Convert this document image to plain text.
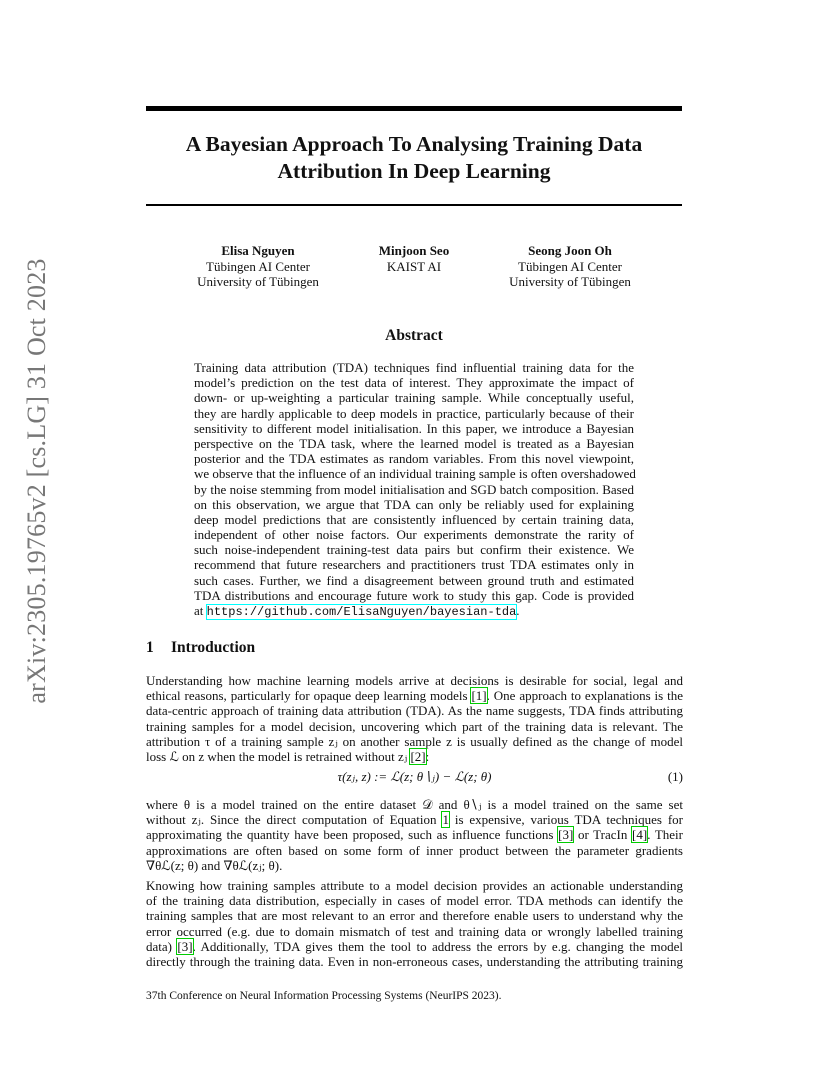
arXiv:2305.19765v2 [cs.LG] 31 Oct 2023
A Bayesian Approach To Analysing Training Data
Attribution In Deep Learning
Elisa Nguyen
Tübingen AI Center
University of Tübingen
Minjoon Seo
KAIST AI
Seong Joon Oh
Tübingen AI Center
University of Tübingen
Abstract
Training data attribution (TDA) techniques find influential training data for the
model’s prediction on the test data of interest. They approximate the impact of
down- or up-weighting a particular training sample. While conceptually useful,
they are hardly applicable to deep models in practice, particularly because of their
sensitivity to different model initialisation. In this paper, we introduce a Bayesian
perspective on the TDA task, where the learned model is treated as a Bayesian
posterior and the TDA estimates as random variables. From this novel viewpoint,
we observe that the influence of an individual training sample is often overshadowed
by the noise stemming from model initialisation and SGD batch composition. Based
on this observation, we argue that TDA can only be reliably used for explaining
deep model predictions that are consistently influenced by certain training data,
independent of other noise factors. Our experiments demonstrate the rarity of
such noise-independent training-test data pairs but confirm their existence. We
recommend that future researchers and practitioners trust TDA estimates only in
such cases. Further, we find a disagreement between ground truth and estimated
TDA distributions and encourage future work to study this gap. Code is provided
at https://github.com/ElisaNguyen/bayesian-tda.
1 Introduction
Understanding how machine learning models arrive at decisions is desirable for social, legal and
ethical reasons, particularly for opaque deep learning models [1]. One approach to explanations is the
data-centric approach of training data attribution (TDA). As the name suggests, TDA finds attributing
training samples for a model decision, uncovering which part of the training data is relevant. The
attribution τ of a training sample zⱼ on another sample z is usually defined as the change of model
loss ℒ on z when the model is retrained without zⱼ [2]:
τ(zⱼ, z) := ℒ(z; θ∖ⱼ) − ℒ(z; θ)	(1)
where θ is a model trained on the entire dataset 𝒟 and θ∖ⱼ is a model trained on the same set
without zⱼ. Since the direct computation of Equation 1 is expensive, various TDA techniques for
approximating the quantity have been proposed, such as influence functions [3] or TracIn [4]. Their
approximations are often based on some form of inner product between the parameter gradients
∇θℒ(z; θ) and ∇θℒ(zⱼ; θ).
Knowing how training samples attribute to a model decision provides an actionable understanding
of the training data distribution, especially in cases of model error. TDA methods can identify the
training samples that are most relevant to an error and therefore enable users to understand why the
error occurred (e.g. due to domain mismatch of test and training data or wrongly labelled training
data) [3]. Additionally, TDA gives them the tool to address the errors by e.g. changing the model
directly through the training data. Even in non-erroneous cases, understanding the attributing training
37th Conference on Neural Information Processing Systems (NeurIPS 2023).
